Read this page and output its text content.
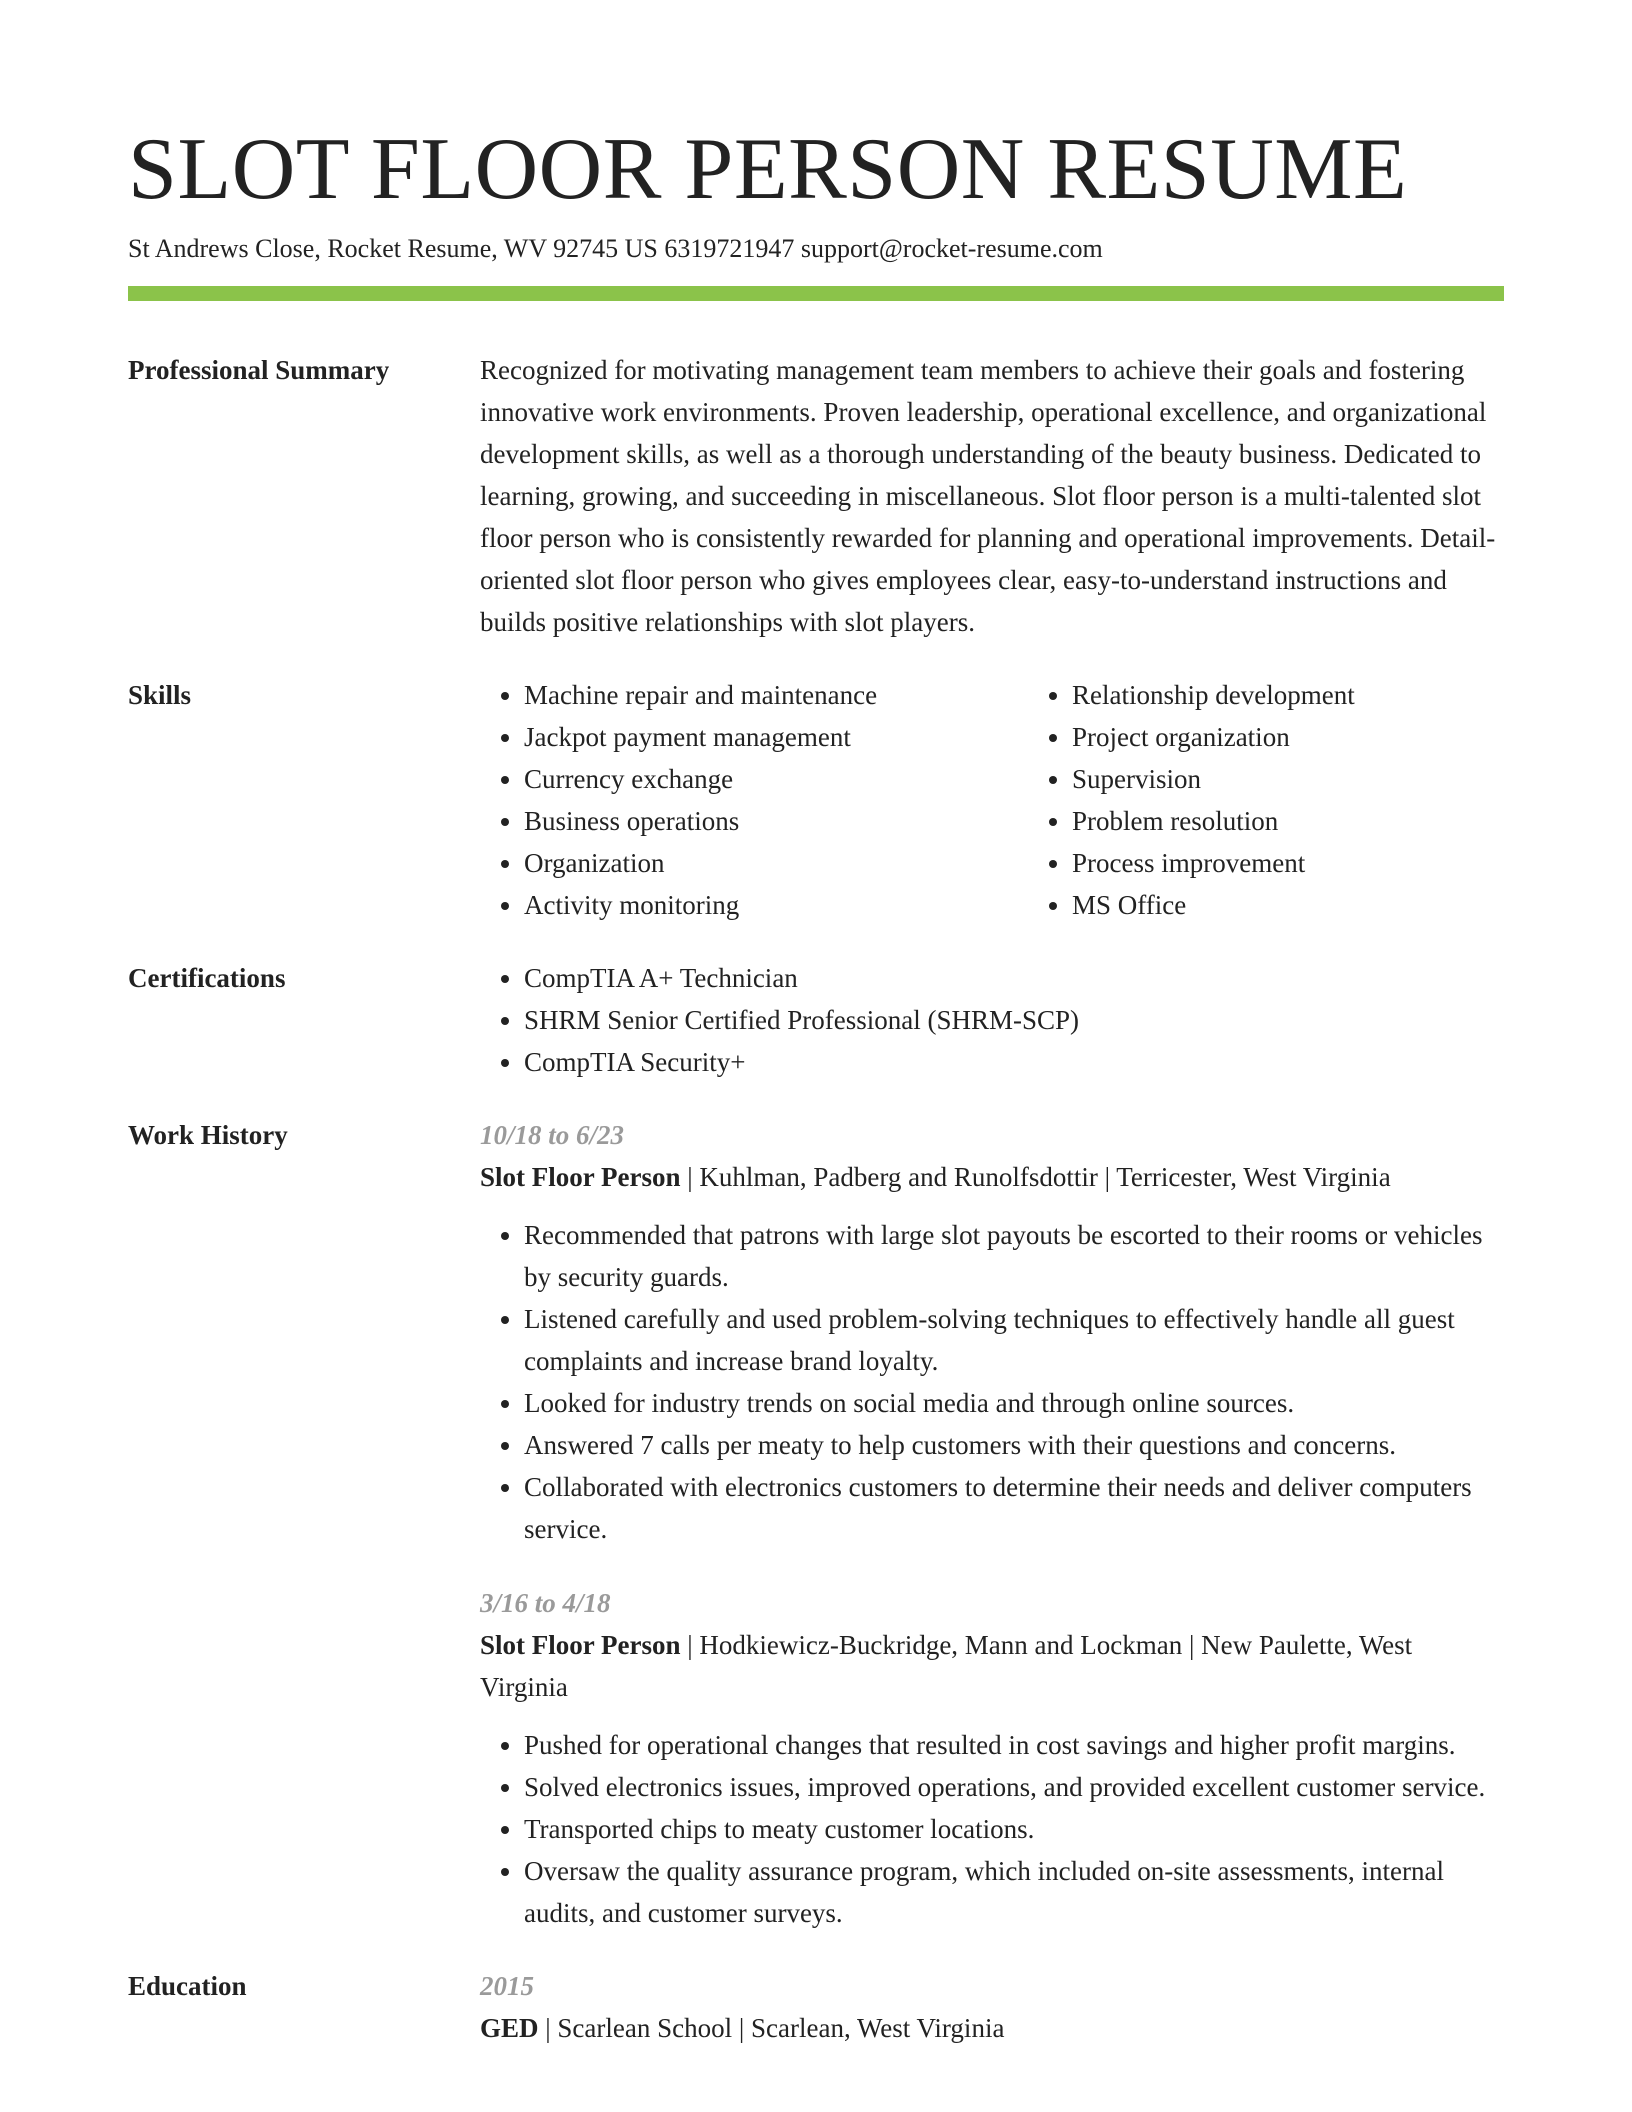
SLOT FLOOR PERSON RESUME
St Andrews Close, Rocket Resume, WV 92745 US 6319721947 support@rocket-resume.com
Professional Summary	Recognized for motivating management team members to achieve their goals and fostering innovative work environments. Proven leadership, operational excellence, and organizational development skills, as well as a thorough understanding of the beauty business. Dedicated to learning, growing, and succeeding in miscellaneous. Slot floor person is a multi-talented slot floor person who is consistently rewarded for planning and operational improvements. Detail-oriented slot floor person who gives employees clear, easy-to-understand instructions and builds positive relationships with slot players.

Skills	• Machine repair and maintenance
• Jackpot payment management
• Currency exchange
• Business operations
• Organization
• Activity monitoring
• Relationship development
• Project organization
• Supervision
• Problem resolution
• Process improvement
• MS Office
Certifications	• CompTIA A+ Technician
• SHRM Senior Certified Professional (SHRM-SCP)
• CompTIA Security+
Work History	10/18 to 6/23
Slot Floor Person | Kuhlman, Padberg and Runolfsdottir | Terricester, West Virginia
• Recommended that patrons with large slot payouts be escorted to their rooms or vehicles by security guards.
• Listened carefully and used problem-solving techniques to effectively handle all guest complaints and increase brand loyalty.
• Looked for industry trends on social media and through online sources.
• Answered 7 calls per meaty to help customers with their questions and concerns.
• Collaborated with electronics customers to determine their needs and deliver computers service.
3/16 to 4/18
Slot Floor Person | Hodkiewicz-Buckridge, Mann and Lockman | New Paulette, West Virginia
• Pushed for operational changes that resulted in cost savings and higher profit margins.
• Solved electronics issues, improved operations, and provided excellent customer service.
• Transported chips to meaty customer locations.
• Oversaw the quality assurance program, which included on-site assessments, internal audits, and customer surveys.
Education	2015
GED | Scarlean School | Scarlean, West Virginia
